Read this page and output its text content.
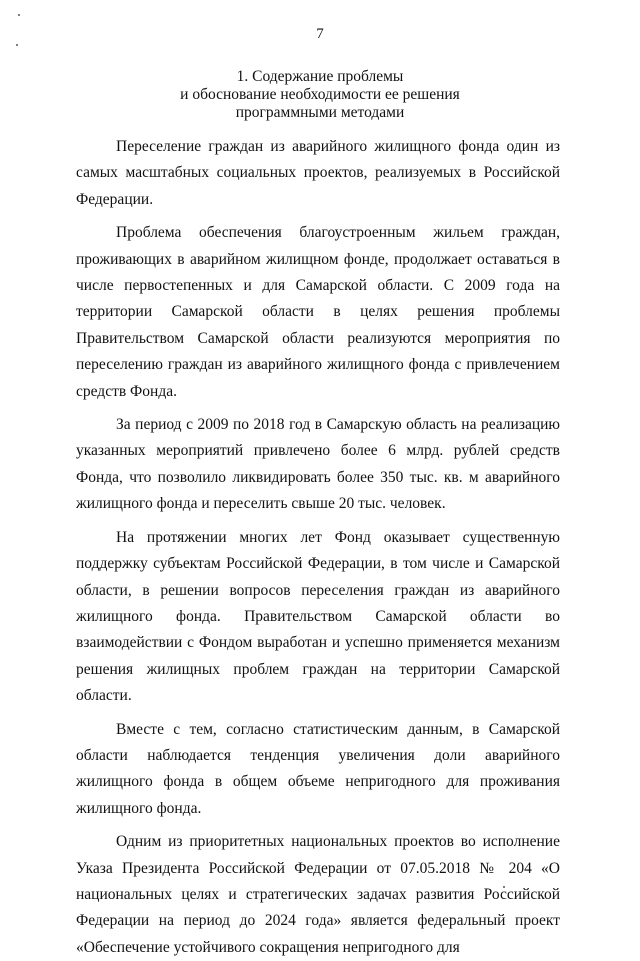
7
1. Содержание проблемы
и обоснование необходимости ее решения
программными методами

Переселение граждан из аварийного жилищного фонда один из самых масштабных социальных проектов, реализуемых в Российской Федерации.

Проблема обеспечения благоустроенным жильем граждан, проживающих в аварийном жилищном фонде, продолжает оставаться в числе первостепенных и для Самарской области. С 2009 года на территории Самарской области в целях решения проблемы Правительством Самарской области реализуются мероприятия по переселению граждан из аварийного жилищного фонда с привлечением средств Фонда.

За период с 2009 по 2018 год в Самарскую область на реализацию указанных мероприятий привлечено более 6 млрд. рублей средств Фонда, что позволило ликвидировать более 350 тыс. кв. м аварийного жилищного фонда и переселить свыше 20 тыс. человек.

На протяжении многих лет Фонд оказывает существенную поддержку субъектам Российской Федерации, в том числе и Самарской области, в решении вопросов переселения граждан из аварийного жилищного фонда. Правительством Самарской области во взаимодействии с Фондом выработан и успешно применяется механизм решения жилищных проблем граждан на территории Самарской области.

Вместе с тем, согласно статистическим данным, в Самарской области наблюдается тенденция увеличения доли аварийного жилищного фонда в общем объеме непригодного для проживания жилищного фонда.

Одним из приоритетных национальных проектов во исполнение Указа Президента Российской Федерации от 07.05.2018 № 204 «О национальных целях и стратегических задачах развития Российской Федерации на период до 2024 года» является федеральный проект «Обеспечение устойчивого сокращения непригодного для
